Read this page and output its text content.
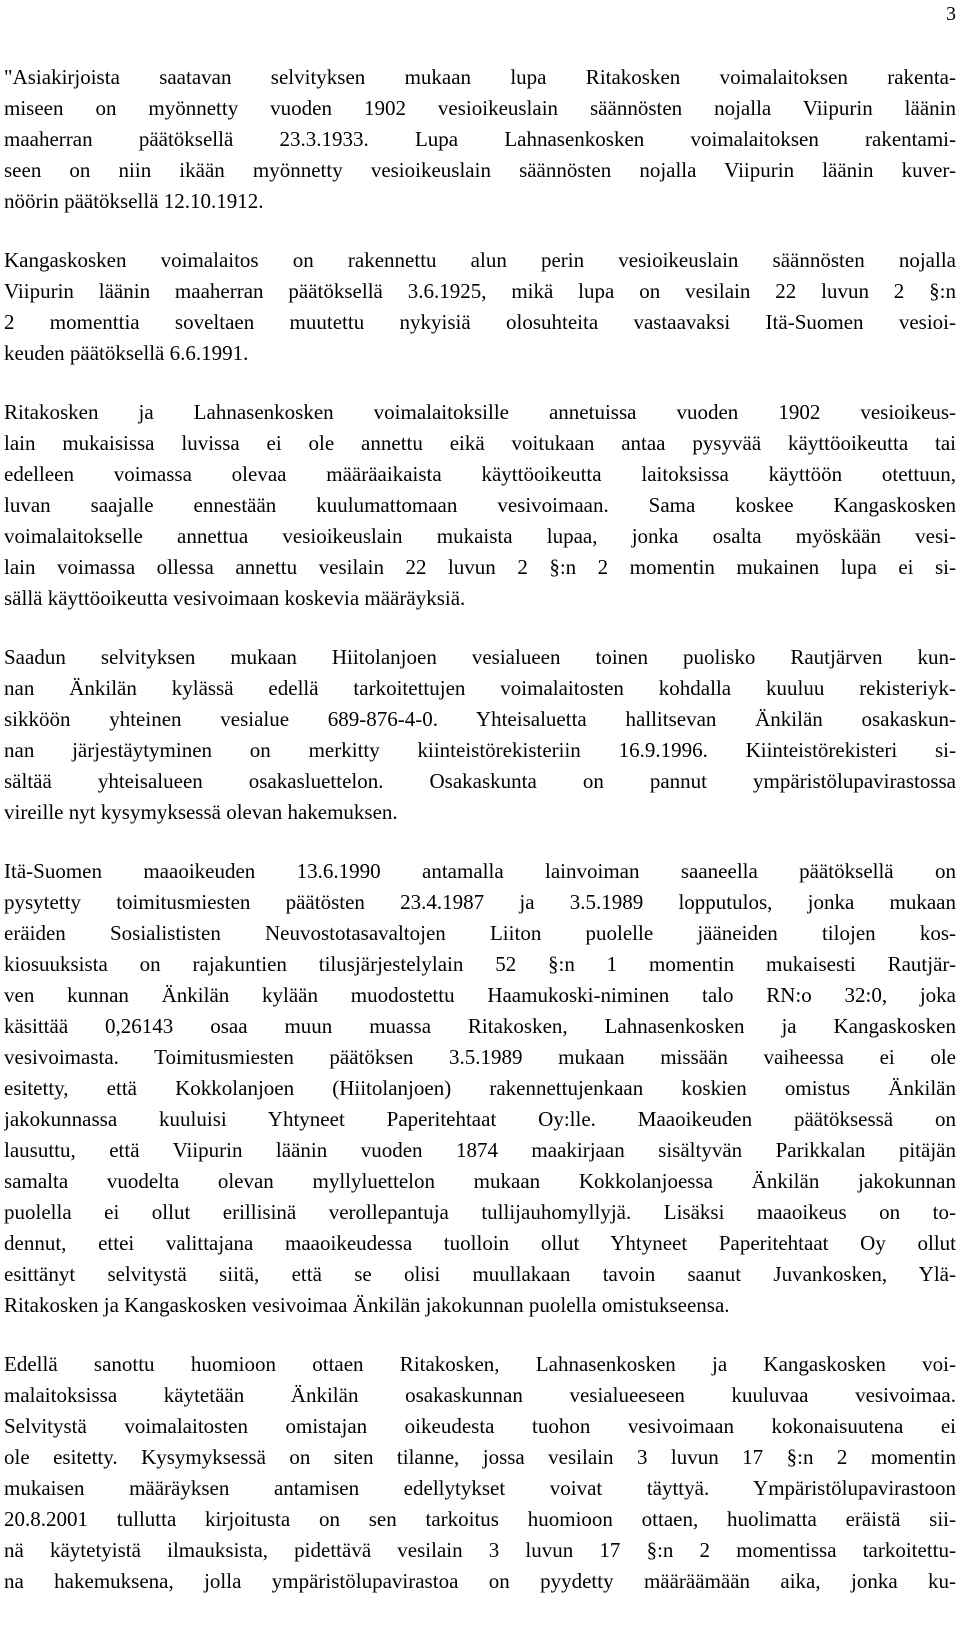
3
"Asiakirjoista saatavan selvityksen mukaan lupa Ritakosken voimalaitoksen rakenta-
miseen on myönnetty vuoden 1902 vesioikeuslain säännösten nojalla Viipurin läänin
maaherran päätöksellä 23.3.1933. Lupa Lahnasenkosken voimalaitoksen rakentami-
seen on niin ikään myönnetty vesioikeuslain säännösten nojalla Viipurin läänin kuver-
nöörin päätöksellä 12.10.1912.
Kangaskosken voimalaitos on rakennettu alun perin vesioikeuslain säännösten nojalla
Viipurin läänin maaherran päätöksellä 3.6.1925, mikä lupa on vesilain 22 luvun 2 §:n
2 momenttia soveltaen muutettu nykyisiä olosuhteita vastaavaksi Itä-Suomen vesioi-
keuden päätöksellä 6.6.1991.
Ritakosken ja Lahnasenkosken voimalaitoksille annetuissa vuoden 1902 vesioikeus-
lain mukaisissa luvissa ei ole annettu eikä voitukaan antaa pysyvää käyttöoikeutta tai
edelleen voimassa olevaa määräaikaista käyttöoikeutta laitoksissa käyttöön otettuun,
luvan saajalle ennestään kuulumattomaan vesivoimaan. Sama koskee Kangaskosken
voimalaitokselle annettua vesioikeuslain mukaista lupaa, jonka osalta myöskään vesi-
lain voimassa ollessa annettu vesilain 22 luvun 2 §:n 2 momentin mukainen lupa ei si-
sällä käyttöoikeutta vesivoimaan koskevia määräyksiä.
Saadun selvityksen mukaan Hiitolanjoen vesialueen toinen puolisko Rautjärven kun-
nan Änkilän kylässä edellä tarkoitettujen voimalaitosten kohdalla kuuluu rekisteriyk-
sikköön yhteinen vesialue 689-876-4-0. Yhteisaluetta hallitsevan Änkilän osakaskun-
nan järjestäytyminen on merkitty kiinteistörekisteriin 16.9.1996. Kiinteistörekisteri si-
sältää yhteisalueen osakasluettelon. Osakaskunta on pannut ympäristölupavirastossa
vireille nyt kysymyksessä olevan hakemuksen.
Itä-Suomen maaoikeuden 13.6.1990 antamalla lainvoiman saaneella päätöksellä on
pysytetty toimitusmiesten päätösten 23.4.1987 ja 3.5.1989 lopputulos, jonka mukaan
eräiden Sosialististen Neuvostotasavaltojen Liiton puolelle jääneiden tilojen kos-
kiosuuksista on rajakuntien tilusjärjestelylain 52 §:n 1 momentin mukaisesti Rautjär-
ven kunnan Änkilän kylään muodostettu Haamukoski-niminen talo RN:o 32:0, joka
käsittää 0,26143 osaa muun muassa Ritakosken, Lahnasenkosken ja Kangaskosken
vesivoimasta. Toimitusmiesten päätöksen 3.5.1989 mukaan missään vaiheessa ei ole
esitetty, että Kokkolanjoen (Hiitolanjoen) rakennettujenkaan koskien omistus Änkilän
jakokunnassa kuuluisi Yhtyneet Paperitehtaat Oy:lle. Maaoikeuden päätöksessä on
lausuttu, että Viipurin läänin vuoden 1874 maakirjaan sisältyvän Parikkalan pitäjän
samalta vuodelta olevan myllyluettelon mukaan Kokkolanjoessa Änkilän jakokunnan
puolella ei ollut erillisinä verollepantuja tullijauhomyllyjä. Lisäksi maaoikeus on to-
dennut, ettei valittajana maaoikeudessa tuolloin ollut Yhtyneet Paperitehtaat Oy ollut
esittänyt selvitystä siitä, että se olisi muullakaan tavoin saanut Juvankosken, Ylä-
Ritakosken ja Kangaskosken vesivoimaa Änkilän jakokunnan puolella omistukseensa.
Edellä sanottu huomioon ottaen Ritakosken, Lahnasenkosken ja Kangaskosken voi-
malaitoksissa käytetään Änkilän osakaskunnan vesialueeseen kuuluvaa vesivoimaa.
Selvitystä voimalaitosten omistajan oikeudesta tuohon vesivoimaan kokonaisuutena ei
ole esitetty. Kysymyksessä on siten tilanne, jossa vesilain 3 luvun 17 §:n 2 momentin
mukaisen määräyksen antamisen edellytykset voivat täyttyä. Ympäristölupavirastoon
20.8.2001 tullutta kirjoitusta on sen tarkoitus huomioon ottaen, huolimatta eräistä sii-
nä käytetyistä ilmauksista, pidettävä vesilain 3 luvun 17 §:n 2 momentissa tarkoitettu-
na hakemuksena, jolla ympäristölupavirastoa on pyydetty määräämään aika, jonka ku-
